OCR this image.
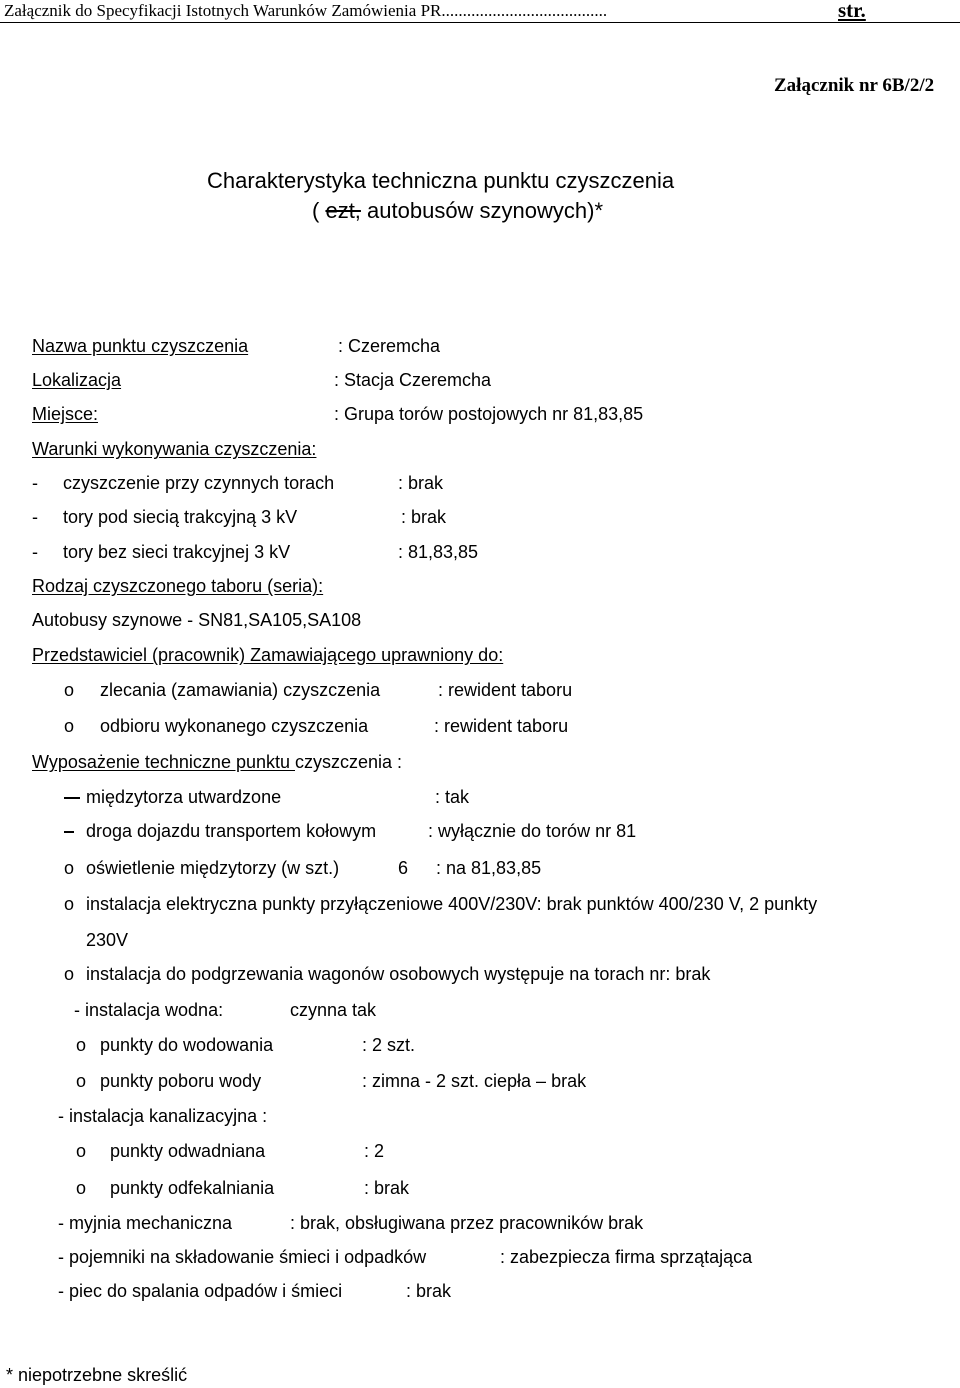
Załącznik do Specyfikacji Istotnych Warunków Zamówienia PR.......................................	str.
Załącznik nr 6B/2/2
Charakterystyka techniczna punktu czyszczenia
( ezt, autobusów szynowych)*
Nazwa punktu czyszczenia	: Czeremcha
Lokalizacja	: Stacja Czeremcha
Miejsce:	: Grupa torów postojowych nr 81,83,85
Warunki wykonywania czyszczenia:
- czyszczenie przy czynnych torach	: brak
- tory pod siecią trakcyjną 3 kV	: brak
- tory bez sieci trakcyjnej 3 kV	: 81,83,85
Rodzaj czyszczonego taboru (seria):
Autobusy szynowe - SN81,SA105,SA108
Przedstawiciel (pracownik) Zamawiającego uprawniony do:
o zlecania (zamawiania) czyszczenia	: rewident taboru
o odbioru wykonanego czyszczenia	: rewident taboru
Wyposażenie techniczne punktu czyszczenia :
międzytorza utwardzone	: tak
droga dojazdu transportem kołowym	: wyłącznie do torów nr 81
o oświetlenie międzytorzy (w szt.)	6 : na 81,83,85
o instalacja elektryczna punkty przyłączeniowe 400V/230V: brak punktów 400/230 V, 2 punkty
230V
o instalacja do podgrzewania wagonów osobowych występuje na torach nr: brak
- instalacja wodna:	czynna tak
o punkty do wodowania	: 2 szt.
o punkty poboru wody	: zimna - 2 szt. ciepła – brak
- instalacja kanalizacyjna :
o punkty odwadniana	: 2
o punkty odfekalniania	: brak
- myjnia mechaniczna	: brak, obsługiwana przez pracowników brak
- pojemniki na składowanie śmieci i odpadków	: zabezpiecza firma sprzątająca
- piec do spalania odpadów i śmieci	: brak
* niepotrzebne skreślić
